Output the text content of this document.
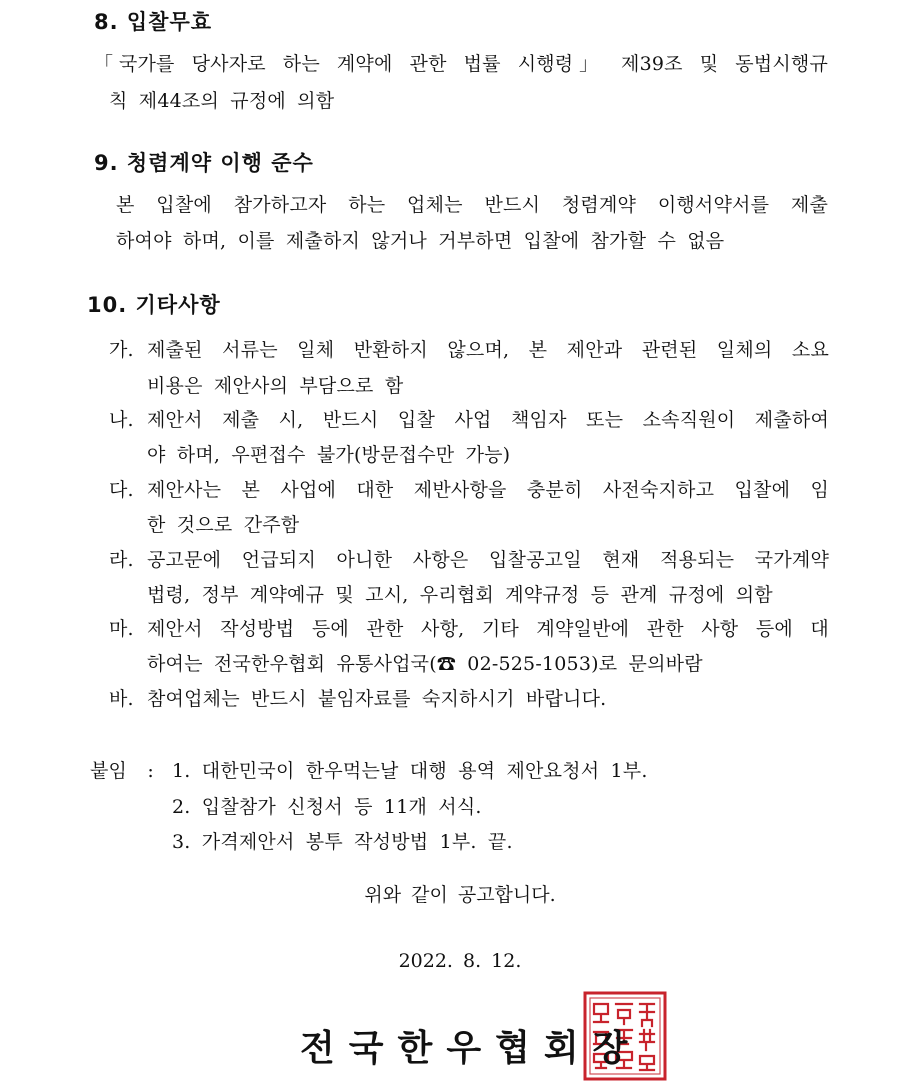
8. 입찰무효
「국가를 당사자로 하는 계약에 관한 법률 시행령」 제39조 및 동법시행규
칙 제44조의 규정에 의함
9. 청렴계약 이행 준수
본 입찰에 참가하고자 하는 업체는 반드시 청렴계약 이행서약서를 제출
하여야 하며, 이를 제출하지 않거나 거부하면 입찰에 참가할 수 없음
10. 기타사항
가. 제출된 서류는 일체 반환하지 않으며, 본 제안과 관련된 일체의 소요
비용은 제안사의 부담으로 함
나. 제안서 제출 시, 반드시 입찰 사업 책임자 또는 소속직원이 제출하여
야 하며, 우편접수 불가(방문접수만 가능)
다. 제안사는 본 사업에 대한 제반사항을 충분히 사전숙지하고 입찰에 임
한 것으로 간주함
라. 공고문에 언급되지 아니한 사항은 입찰공고일 현재 적용되는 국가계약
법령, 정부 계약예규 및 고시, 우리협회 계약규정 등 관계 규정에 의함
마. 제안서 작성방법 등에 관한 사항, 기타 계약일반에 관한 사항 등에 대
하여는 전국한우협회 유통사업국(☎ 02-525-1053)로 문의바람
바. 참여업체는 반드시 붙임자료를 숙지하시기 바랍니다.
붙임 : 1. 대한민국이 한우먹는날 대행 용역 제안요청서 1부.
2. 입찰참가 신청서 등 11개 서식.
3. 가격제안서 봉투 작성방법 1부. 끝.
위와 같이 공고합니다.
2022. 8. 12.
전국한우협회장
